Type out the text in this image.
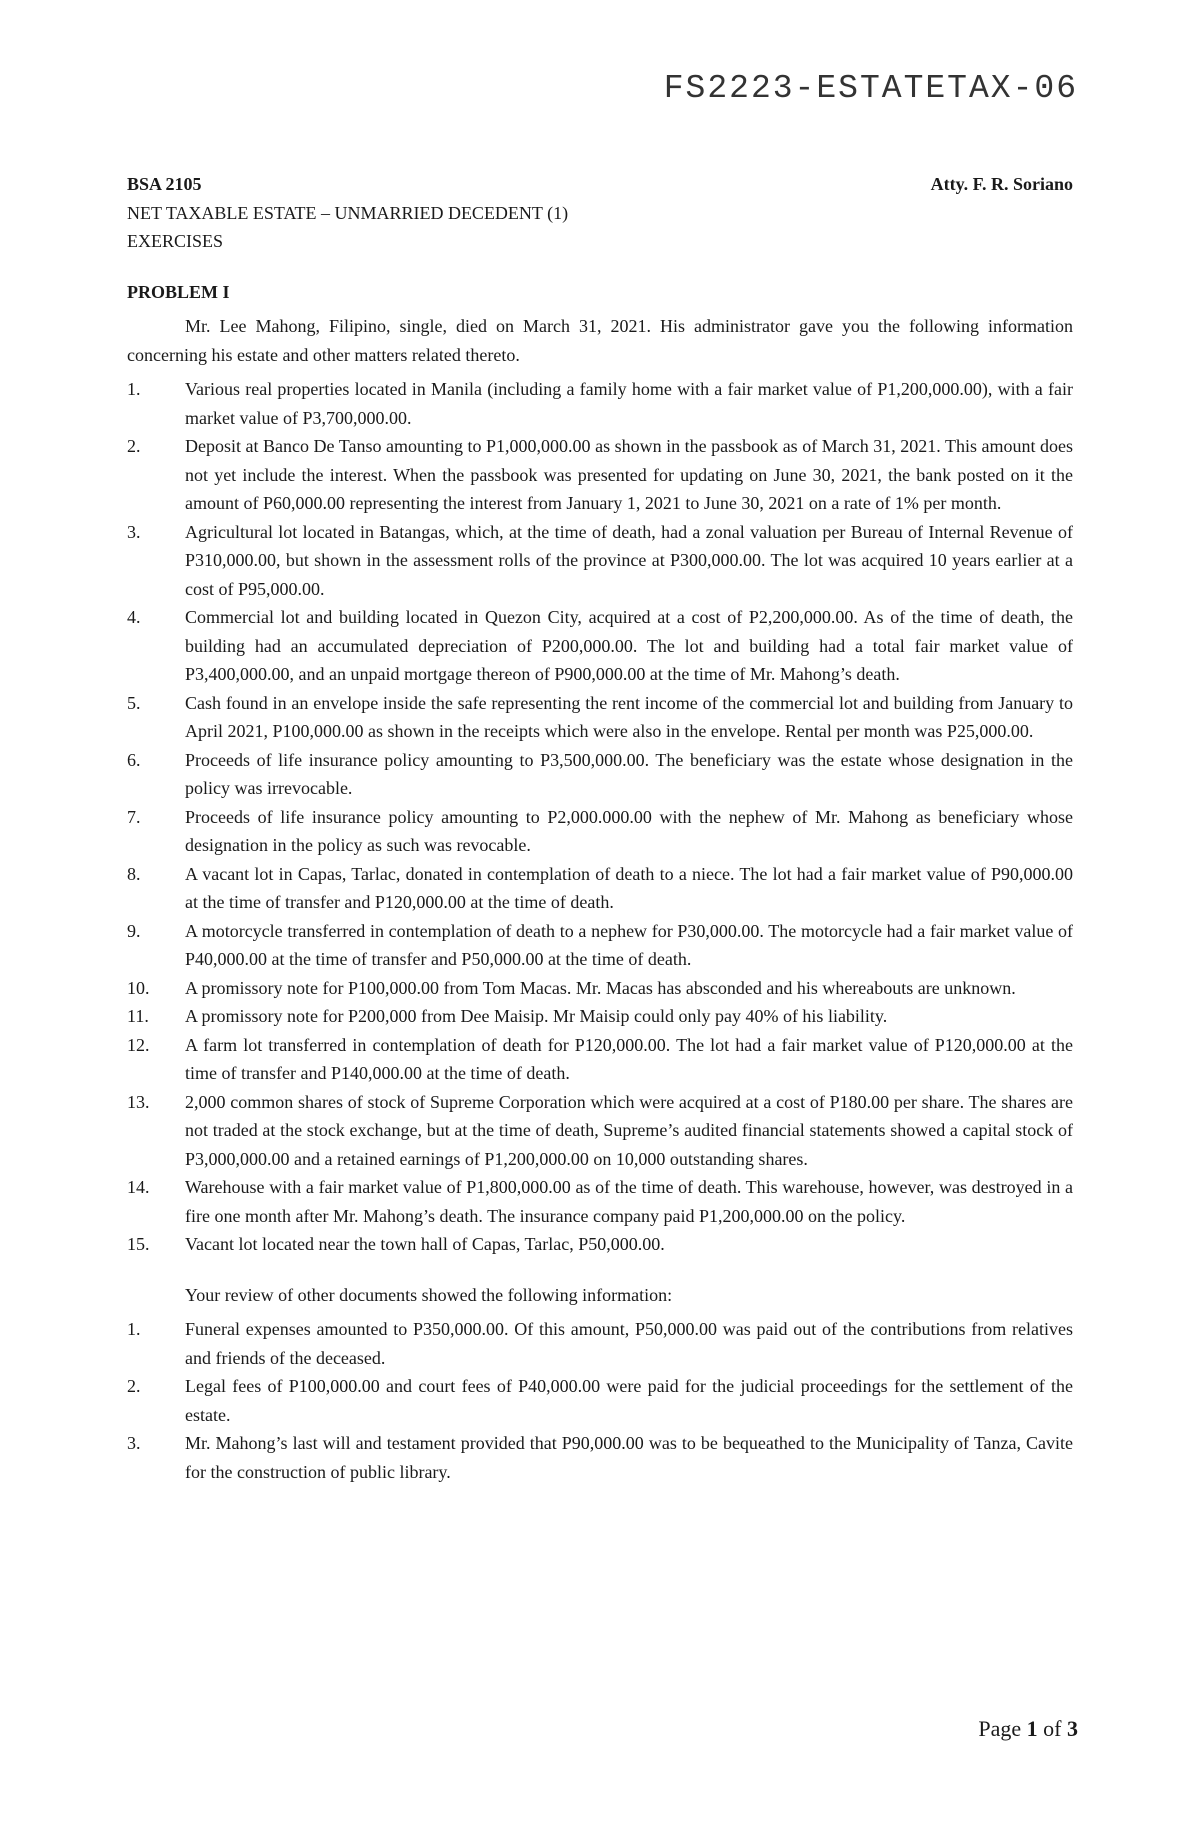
FS2223-ESTATETAX-06
BSA 2105	Atty. F. R. Soriano
NET TAXABLE ESTATE – UNMARRIED DECEDENT (1)
EXERCISES
PROBLEM I

Mr. Lee Mahong, Filipino, single, died on March 31, 2021. His administrator gave you the following information concerning his estate and other matters related thereto.

1.	Various real properties located in Manila (including a family home with a fair market value of P1,200,000.00), with a fair market value of P3,700,000.00.
2.	Deposit at Banco De Tanso amounting to P1,000,000.00 as shown in the passbook as of March 31, 2021. This amount does not yet include the interest. When the passbook was presented for updating on June 30, 2021, the bank posted on it the amount of P60,000.00 representing the interest from January 1, 2021 to June 30, 2021 on a rate of 1% per month.
3.	Agricultural lot located in Batangas, which, at the time of death, had a zonal valuation per Bureau of Internal Revenue of P310,000.00, but shown in the assessment rolls of the province at P300,000.00. The lot was acquired 10 years earlier at a cost of P95,000.00.
4.	Commercial lot and building located in Quezon City, acquired at a cost of P2,200,000.00. As of the time of death, the building had an accumulated depreciation of P200,000.00. The lot and building had a total fair market value of P3,400,000.00, and an unpaid mortgage thereon of P900,000.00 at the time of Mr. Mahong’s death.
5.	Cash found in an envelope inside the safe representing the rent income of the commercial lot and building from January to April 2021, P100,000.00 as shown in the receipts which were also in the envelope. Rental per month was P25,000.00.
6.	Proceeds of life insurance policy amounting to P3,500,000.00. The beneficiary was the estate whose designation in the policy was irrevocable.
7.	Proceeds of life insurance policy amounting to P2,000.000.00 with the nephew of Mr. Mahong as beneficiary whose designation in the policy as such was revocable.
8.	A vacant lot in Capas, Tarlac, donated in contemplation of death to a niece. The lot had a fair market value of P90,000.00 at the time of transfer and P120,000.00 at the time of death.
9.	A motorcycle transferred in contemplation of death to a nephew for P30,000.00. The motorcycle had a fair market value of P40,000.00 at the time of transfer and P50,000.00 at the time of death.
10.	A promissory note for P100,000.00 from Tom Macas. Mr. Macas has absconded and his whereabouts are unknown.
11.	A promissory note for P200,000 from Dee Maisip. Mr Maisip could only pay 40% of his liability.
12.	A farm lot transferred in contemplation of death for P120,000.00. The lot had a fair market value of P120,000.00 at the time of transfer and P140,000.00 at the time of death.
13.	2,000 common shares of stock of Supreme Corporation which were acquired at a cost of P180.00 per share. The shares are not traded at the stock exchange, but at the time of death, Supreme’s audited financial statements showed a capital stock of P3,000,000.00 and a retained earnings of P1,200,000.00 on 10,000 outstanding shares.
14.	Warehouse with a fair market value of P1,800,000.00 as of the time of death. This warehouse, however, was destroyed in a fire one month after Mr. Mahong’s death. The insurance company paid P1,200,000.00 on the policy.
15.	Vacant lot located near the town hall of Capas, Tarlac, P50,000.00.
Your review of other documents showed the following information:
1.	Funeral expenses amounted to P350,000.00. Of this amount, P50,000.00 was paid out of the contributions from relatives and friends of the deceased.
2.	Legal fees of P100,000.00 and court fees of P40,000.00 were paid for the judicial proceedings for the settlement of the estate.
3.	Mr. Mahong’s last will and testament provided that P90,000.00 was to be bequeathed to the Municipality of Tanza, Cavite for the construction of public library.
Page 1 of 3
